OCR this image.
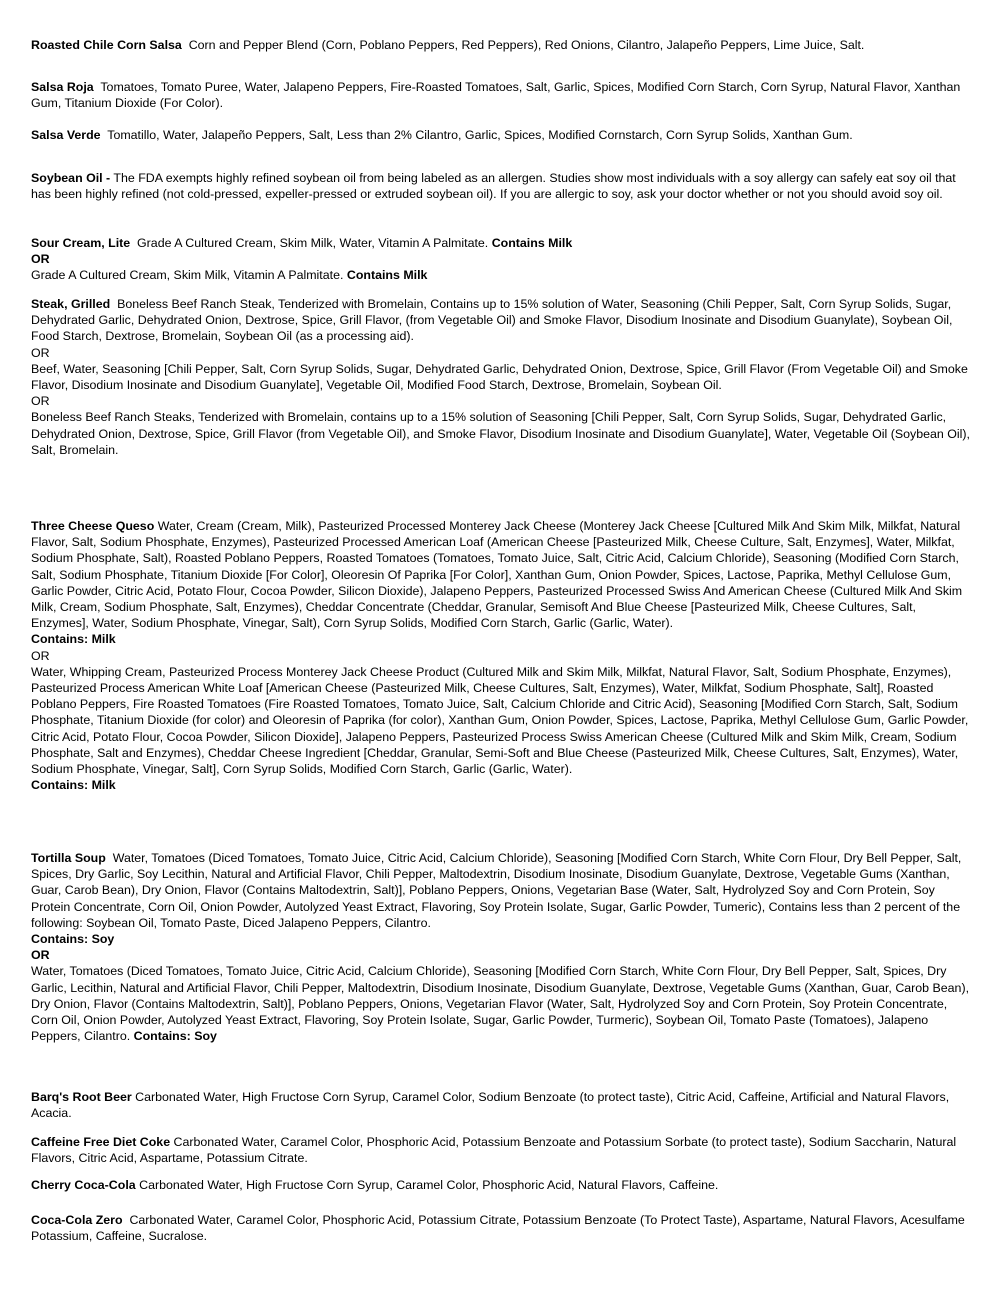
Roasted Chile Corn Salsa Corn and Pepper Blend (Corn, Poblano Peppers, Red Peppers), Red Onions, Cilantro, Jalapeño Peppers, Lime Juice, Salt.

Salsa Roja Tomatoes, Tomato Puree, Water, Jalapeno Peppers, Fire-Roasted Tomatoes, Salt, Garlic, Spices, Modified Corn Starch, Corn Syrup, Natural Flavor, Xanthan Gum, Titanium Dioxide (For Color).

Salsa Verde Tomatillo, Water, Jalapeño Peppers, Salt, Less than 2% Cilantro, Garlic, Spices, Modified Cornstarch, Corn Syrup Solids, Xanthan Gum.

Soybean Oil - The FDA exempts highly refined soybean oil from being labeled as an allergen. Studies show most individuals with a soy allergy can safely eat soy oil that has been highly refined (not cold-pressed, expeller-pressed or extruded soybean oil). If you are allergic to soy, ask your doctor whether or not you should avoid soy oil.

Sour Cream, Lite Grade A Cultured Cream, Skim Milk, Water, Vitamin A Palmitate. Contains Milk

OR

Grade A Cultured Cream, Skim Milk, Vitamin A Palmitate. Contains Milk

Steak, Grilled Boneless Beef Ranch Steak, Tenderized with Bromelain, Contains up to 15% solution of Water, Seasoning (Chili Pepper, Salt, Corn Syrup Solids, Sugar, Dehydrated Garlic, Dehydrated Onion, Dextrose, Spice, Grill Flavor, (from Vegetable Oil) and Smoke Flavor, Disodium Inosinate and Disodium Guanylate), Soybean Oil, Food Starch, Dextrose, Bromelain, Soybean Oil (as a processing aid).

OR

Beef, Water, Seasoning [Chili Pepper, Salt, Corn Syrup Solids, Sugar, Dehydrated Garlic, Dehydrated Onion, Dextrose, Spice, Grill Flavor (From Vegetable Oil) and Smoke Flavor, Disodium Inosinate and Disodium Guanylate], Vegetable Oil, Modified Food Starch, Dextrose, Bromelain, Soybean Oil.

OR

Boneless Beef Ranch Steaks, Tenderized with Bromelain, contains up to a 15% solution of Seasoning [Chili Pepper, Salt, Corn Syrup Solids, Sugar, Dehydrated Garlic, Dehydrated Onion, Dextrose, Spice, Grill Flavor (from Vegetable Oil), and Smoke Flavor, Disodium Inosinate and Disodium Guanylate], Water, Vegetable Oil (Soybean Oil), Salt, Bromelain.

Three Cheese Queso Water, Cream (Cream, Milk), Pasteurized Processed Monterey Jack Cheese (Monterey Jack Cheese [Cultured Milk And Skim Milk, Milkfat, Natural Flavor, Salt, Sodium Phosphate, Enzymes), Pasteurized Processed American Loaf (American Cheese [Pasteurized Milk, Cheese Culture, Salt, Enzymes], Water, Milkfat, Sodium Phosphate, Salt), Roasted Poblano Peppers, Roasted Tomatoes (Tomatoes, Tomato Juice, Salt, Citric Acid, Calcium Chloride), Seasoning (Modified Corn Starch, Salt, Sodium Phosphate, Titanium Dioxide [For Color], Oleoresin Of Paprika [For Color], Xanthan Gum, Onion Powder, Spices, Lactose, Paprika, Methyl Cellulose Gum, Garlic Powder, Citric Acid, Potato Flour, Cocoa Powder, Silicon Dioxide), Jalapeno Peppers, Pasteurized Processed Swiss And American Cheese (Cultured Milk And Skim Milk, Cream, Sodium Phosphate, Salt, Enzymes), Cheddar Concentrate (Cheddar, Granular, Semisoft And Blue Cheese [Pasteurized Milk, Cheese Cultures, Salt, Enzymes], Water, Sodium Phosphate, Vinegar, Salt), Corn Syrup Solids, Modified Corn Starch, Garlic (Garlic, Water).

Contains: Milk

OR

Water, Whipping Cream, Pasteurized Process Monterey Jack Cheese Product (Cultured Milk and Skim Milk, Milkfat, Natural Flavor, Salt, Sodium Phosphate, Enzymes), Pasteurized Process American White Loaf [American Cheese (Pasteurized Milk, Cheese Cultures, Salt, Enzymes), Water, Milkfat, Sodium Phosphate, Salt], Roasted Poblano Peppers, Fire Roasted Tomatoes (Fire Roasted Tomatoes, Tomato Juice, Salt, Calcium Chloride and Citric Acid), Seasoning [Modified Corn Starch, Salt, Sodium Phosphate, Titanium Dioxide (for color) and Oleoresin of Paprika (for color), Xanthan Gum, Onion Powder, Spices, Lactose, Paprika, Methyl Cellulose Gum, Garlic Powder, Citric Acid, Potato Flour, Cocoa Powder, Silicon Dioxide], Jalapeno Peppers, Pasteurized Process Swiss American Cheese (Cultured Milk and Skim Milk, Cream, Sodium Phosphate, Salt and Enzymes), Cheddar Cheese Ingredient [Cheddar, Granular, Semi-Soft and Blue Cheese (Pasteurized Milk, Cheese Cultures, Salt, Enzymes), Water, Sodium Phosphate, Vinegar, Salt], Corn Syrup Solids, Modified Corn Starch, Garlic (Garlic, Water).

Contains: Milk

Tortilla Soup Water, Tomatoes (Diced Tomatoes, Tomato Juice, Citric Acid, Calcium Chloride), Seasoning [Modified Corn Starch, White Corn Flour, Dry Bell Pepper, Salt, Spices, Dry Garlic, Soy Lecithin, Natural and Artificial Flavor, Chili Pepper, Maltodextrin, Disodium Inosinate, Disodium Guanylate, Dextrose, Vegetable Gums (Xanthan, Guar, Carob Bean), Dry Onion, Flavor (Contains Maltodextrin, Salt)], Poblano Peppers, Onions, Vegetarian Base (Water, Salt, Hydrolyzed Soy and Corn Protein, Soy Protein Concentrate, Corn Oil, Onion Powder, Autolyzed Yeast Extract, Flavoring, Soy Protein Isolate, Sugar, Garlic Powder, Tumeric), Contains less than 2 percent of the following: Soybean Oil, Tomato Paste, Diced Jalapeno Peppers, Cilantro.

Contains: Soy

OR

Water, Tomatoes (Diced Tomatoes, Tomato Juice, Citric Acid, Calcium Chloride), Seasoning [Modified Corn Starch, White Corn Flour, Dry Bell Pepper, Salt, Spices, Dry Garlic, Lecithin, Natural and Artificial Flavor, Chili Pepper, Maltodextrin, Disodium Inosinate, Disodium Guanylate, Dextrose, Vegetable Gums (Xanthan, Guar, Carob Bean), Dry Onion, Flavor (Contains Maltodextrin, Salt)], Poblano Peppers, Onions, Vegetarian Flavor (Water, Salt, Hydrolyzed Soy and Corn Protein, Soy Protein Concentrate, Corn Oil, Onion Powder, Autolyzed Yeast Extract, Flavoring, Soy Protein Isolate, Sugar, Garlic Powder, Turmeric), Soybean Oil, Tomato Paste (Tomatoes), Jalapeno Peppers, Cilantro. Contains: Soy

Barq's Root Beer Carbonated Water, High Fructose Corn Syrup, Caramel Color, Sodium Benzoate (to protect taste), Citric Acid, Caffeine, Artificial and Natural Flavors, Acacia.

Caffeine Free Diet Coke Carbonated Water, Caramel Color, Phosphoric Acid, Potassium Benzoate and Potassium Sorbate (to protect taste), Sodium Saccharin, Natural Flavors, Citric Acid, Aspartame, Potassium Citrate.

Cherry Coca-Cola Carbonated Water, High Fructose Corn Syrup, Caramel Color, Phosphoric Acid, Natural Flavors, Caffeine.

Coca-Cola Zero Carbonated Water, Caramel Color, Phosphoric Acid, Potassium Citrate, Potassium Benzoate (To Protect Taste), Aspartame, Natural Flavors, Acesulfame Potassium, Caffeine, Sucralose.
